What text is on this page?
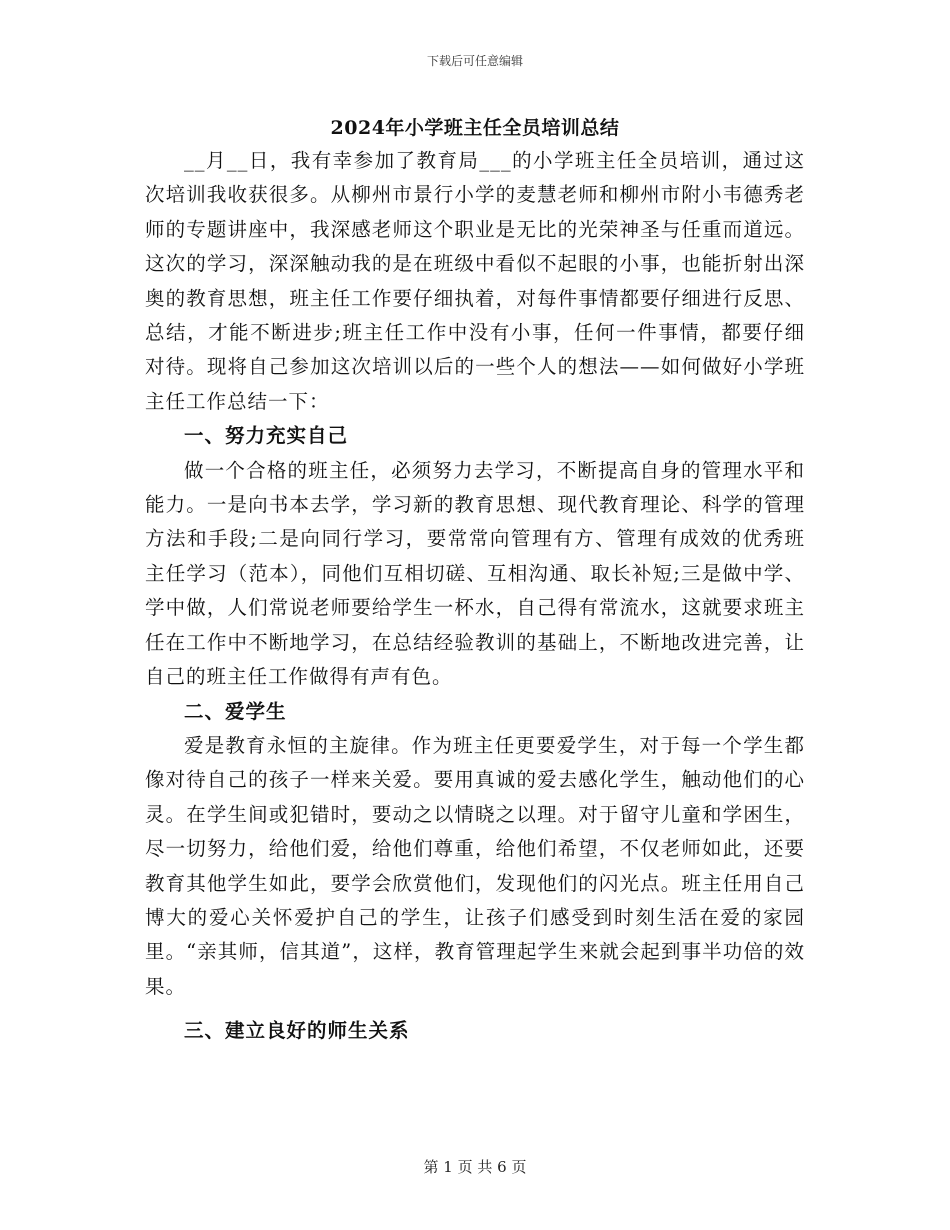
下载后可任意编辑
2024年小学班主任全员培训总结

__月__日，我有幸参加了教育局___的小学班主任全员培训，通过这次培训我收获很多。从柳州市景行小学的麦慧老师和柳州市附小韦德秀老师的专题讲座中，我深感老师这个职业是无比的光荣神圣与任重而道远。这次的学习，深深触动我的是在班级中看似不起眼的小事，也能折射出深奥的教育思想，班主任工作要仔细执着，对每件事情都要仔细进行反思、总结，才能不断进步;班主任工作中没有小事，任何一件事情，都要仔细对待。现将自己参加这次培训以后的一些个人的想法——如何做好小学班主任工作总结一下：

一、努力充实自己

做一个合格的班主任，必须努力去学习，不断提高自身的管理水平和能力。一是向书本去学，学习新的教育思想、现代教育理论、科学的管理方法和手段;二是向同行学习，要常常向管理有方、管理有成效的优秀班主任学习（范本），同他们互相切磋、互相沟通、取长补短;三是做中学、学中做，人们常说老师要给学生一杯水，自己得有常流水，这就要求班主任在工作中不断地学习，在总结经验教训的基础上，不断地改进完善，让自己的班主任工作做得有声有色。

二、爱学生

爱是教育永恒的主旋律。作为班主任更要爱学生，对于每一个学生都像对待自己的孩子一样来关爱。要用真诚的爱去感化学生，触动他们的心灵。在学生间或犯错时，要动之以情晓之以理。对于留守儿童和学困生，尽一切努力，给他们爱，给他们尊重，给他们希望，不仅老师如此，还要教育其他学生如此，要学会欣赏他们，发现他们的闪光点。班主任用自己博大的爱心关怀爱护自己的学生，让孩子们感受到时刻生活在爱的家园里。“亲其师，信其道”，这样，教育管理起学生来就会起到事半功倍的效果。

三、建立良好的师生关系
第 1 页 共 6 页
